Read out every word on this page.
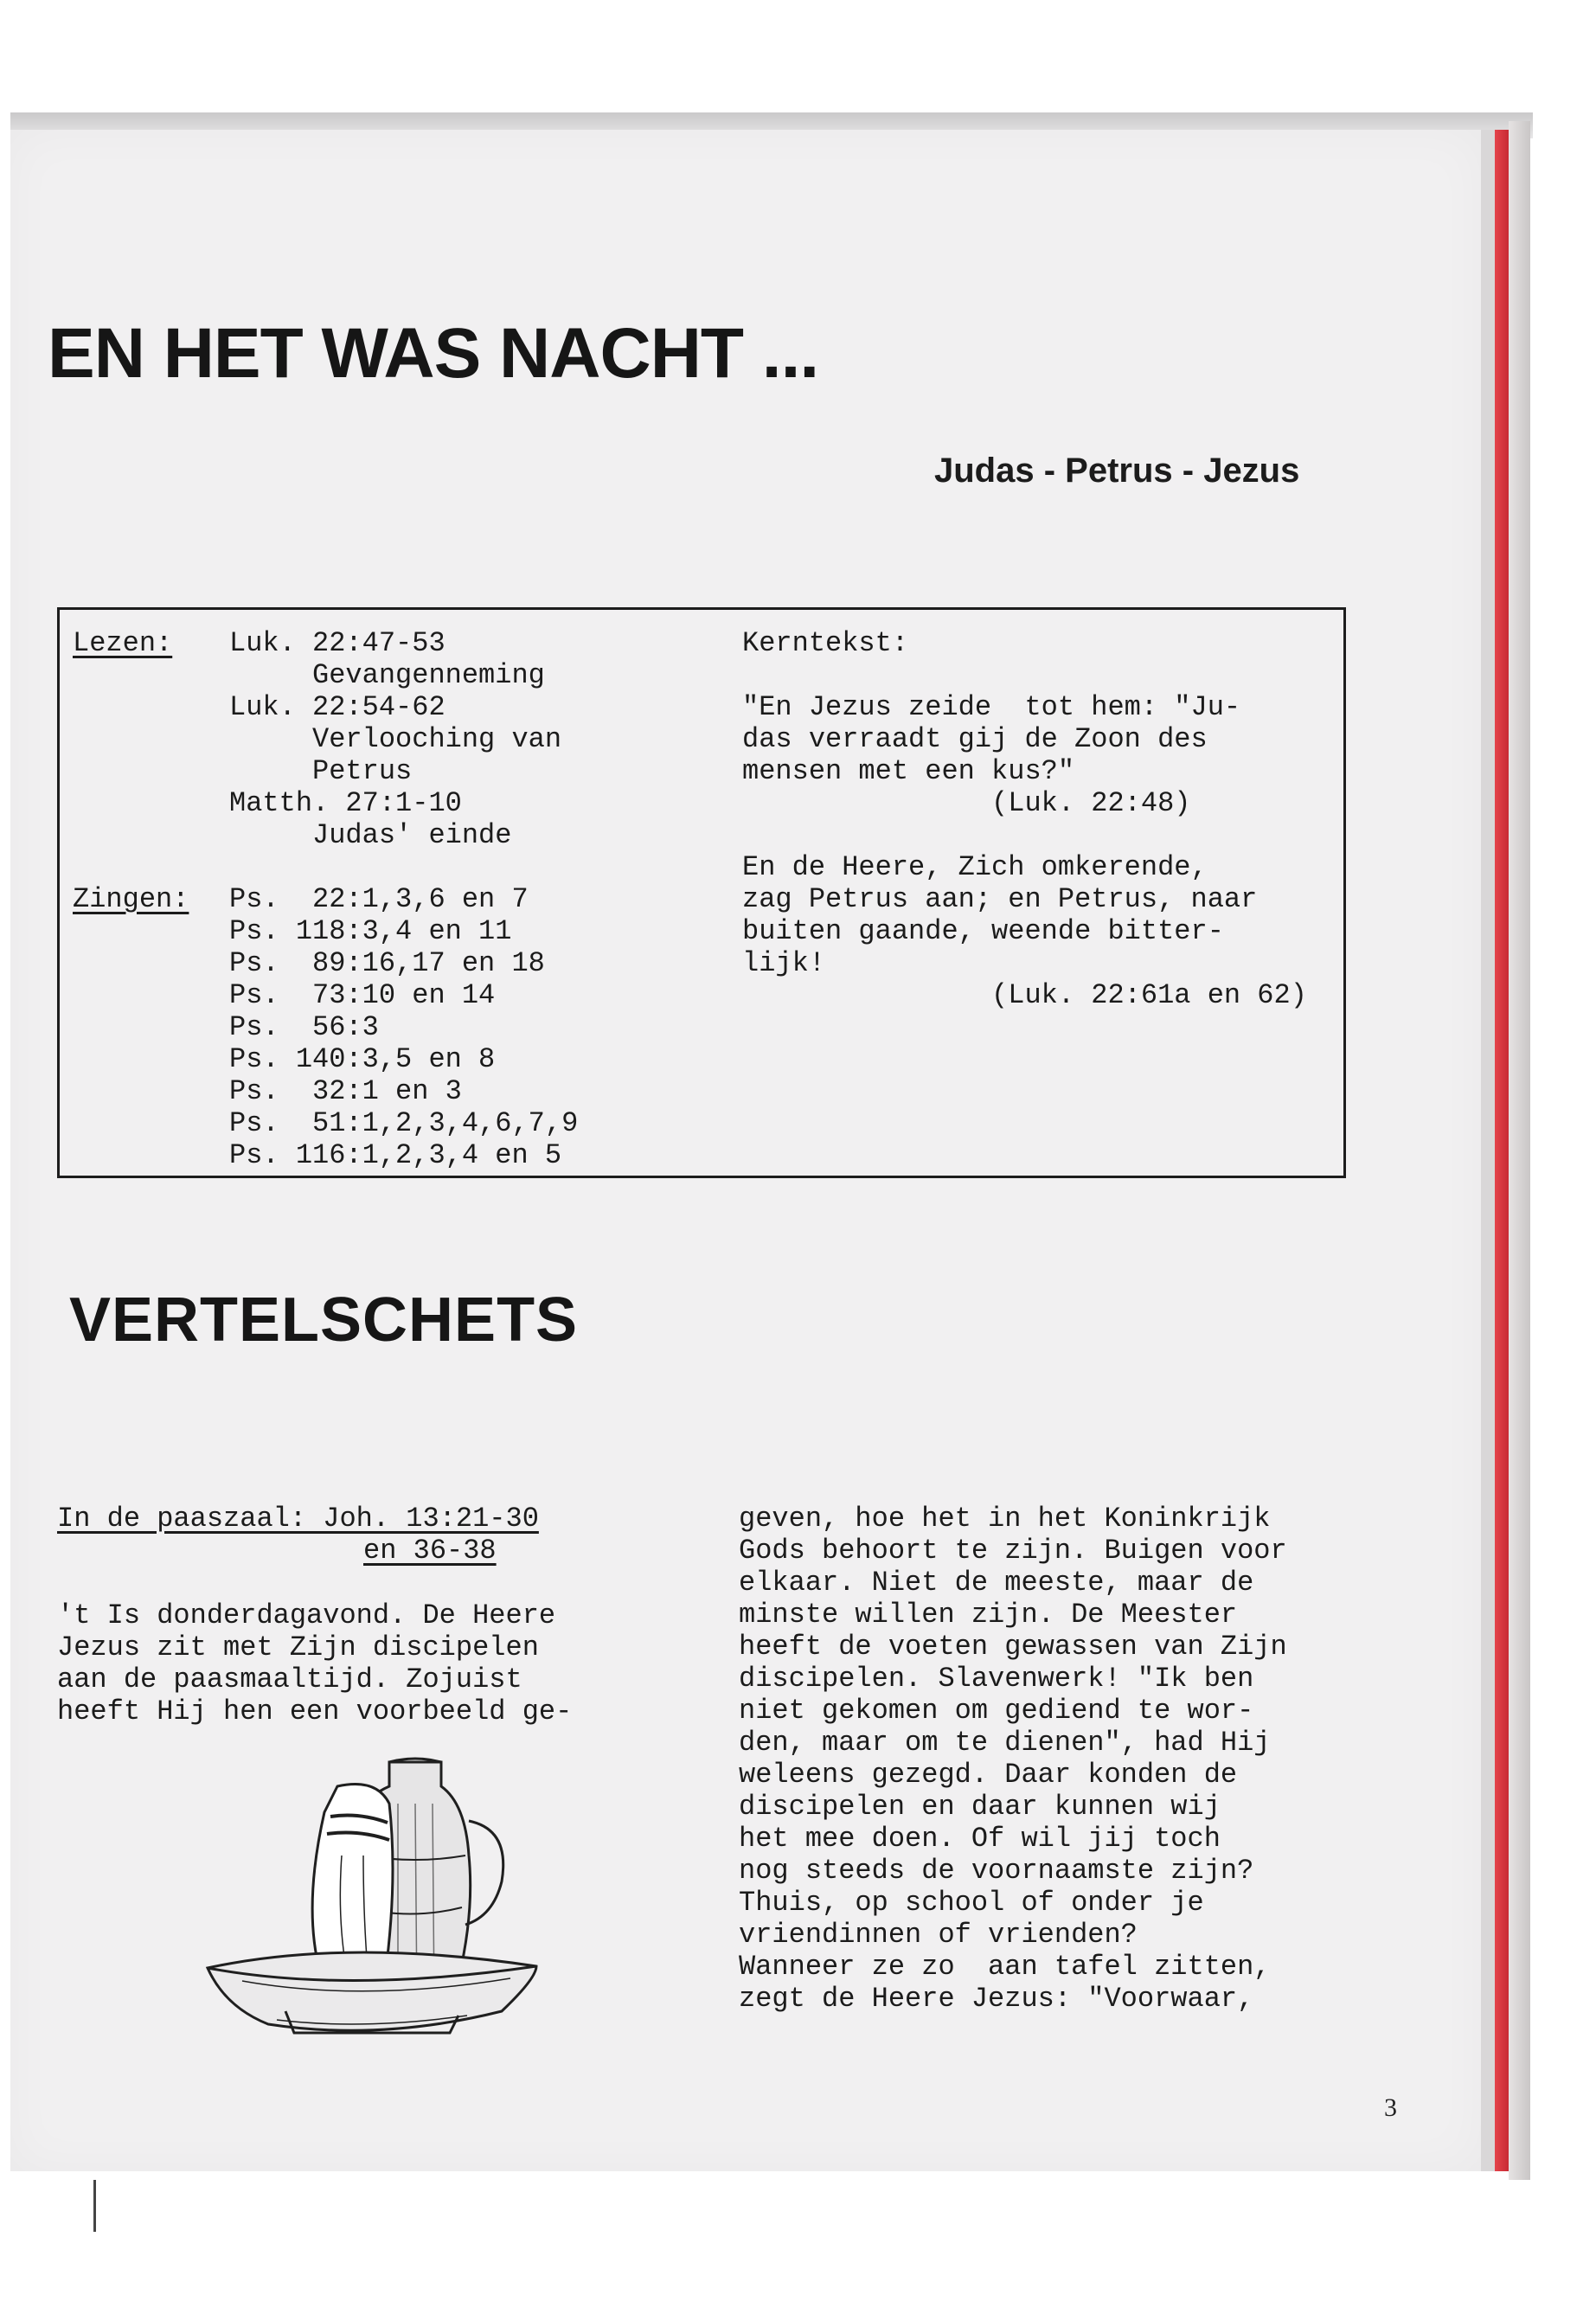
EN HET WAS NACHT ...
Judas - Petrus - Jezus
Lezen: Luk. 22:47-53
Gevangenneming
Luk. 22:54-62
Verlooching van
Petrus
Matth. 27:1-10
Judas' einde
Zingen: Ps.  22:1,3,6 en 7
Ps. 118:3,4 en 11
Ps.  89:16,17 en 18
Ps.  73:10 en 14
Ps.  56:3
Ps. 140:3,5 en 8
Ps.  32:1 en 3
Ps.  51:1,2,3,4,6,7,9
Ps. 116:1,2,3,4 en 5
Kerntekst:
"En Jezus zeide  tot hem: "Ju-
das verraadt gij de Zoon des
mensen met een kus?"
(Luk. 22:48)
En de Heere, Zich omkerende,
zag Petrus aan; en Petrus, naar
buiten gaande, weende bitter-
lijk!
(Luk. 22:61a en 62)
VERTELSCHETS
In de paaszaal: Joh. 13:21-30
en 36-38
't Is donderdagavond. De Heere
Jezus zit met Zijn discipelen
aan de paasmaaltijd. Zojuist
heeft Hij hen een voorbeeld ge-
geven, hoe het in het Koninkrijk
Gods behoort te zijn. Buigen voor
elkaar. Niet de meeste, maar de
minste willen zijn. De Meester
heeft de voeten gewassen van Zijn
discipelen. Slavenwerk! "Ik ben
niet gekomen om gediend te wor-
den, maar om te dienen", had Hij
weleens gezegd. Daar konden de
discipelen en daar kunnen wij
het mee doen. Of wil jij toch
nog steeds de voornaamste zijn?
Thuis, op school of onder je
vriendinnen of vrienden?
Wanneer ze zo  aan tafel zitten,
zegt de Heere Jezus: "Voorwaar,
3
